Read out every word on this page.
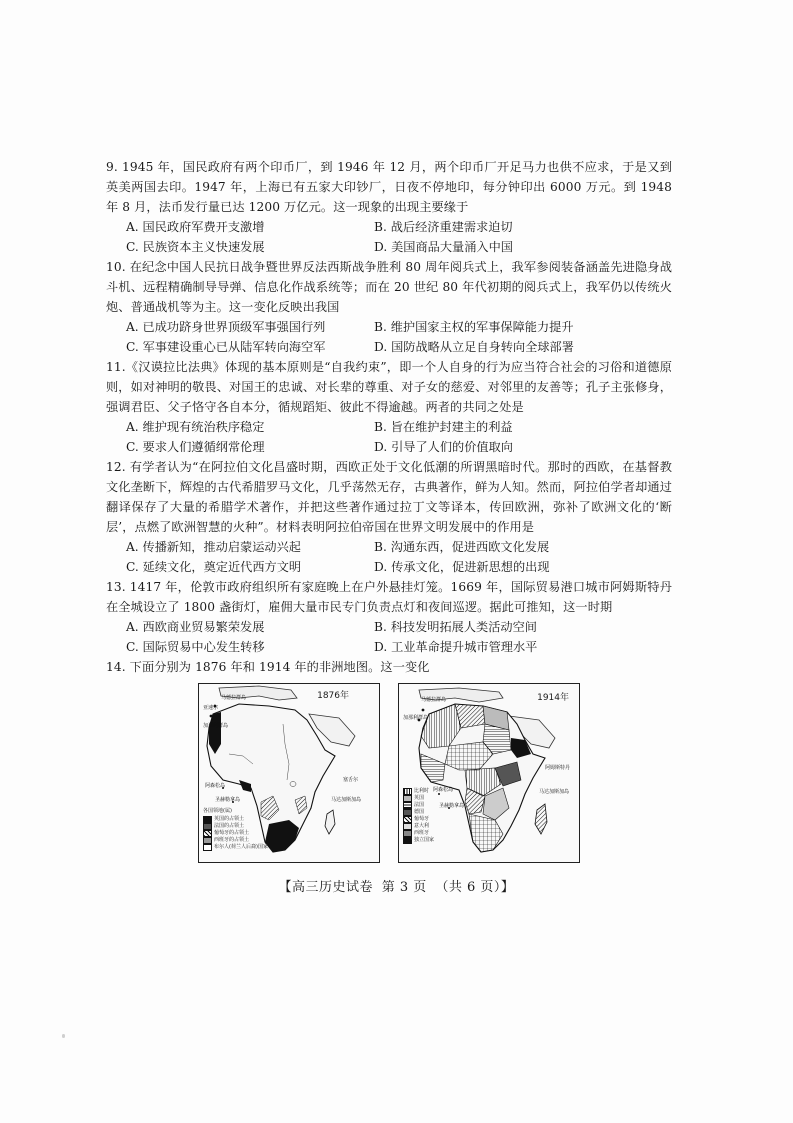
9. 1945 年，国民政府有两个印币厂，到 1946 年 12 月，两个印币厂开足马力也供不应求，于是又到英美两国去印。1947 年，上海已有五家大印钞厂，日夜不停地印，每分钟印出 6000 万元。到 1948 年 8 月，法币发行量已达 1200 万亿元。这一现象的出现主要缘于

A. 国民政府军费开支激增	B. 战后经济重建需求迫切
C. 民族资本主义快速发展	D. 美国商品大量涌入中国

10. 在纪念中国人民抗日战争暨世界反法西斯战争胜利 80 周年阅兵式上，我军参阅装备涵盖先进隐身战斗机、远程精确制导导弹、信息化作战系统等；而在 20 世纪 80 年代初期的阅兵式上，我军仍以传统火炮、普通战机等为主。这一变化反映出我国

A. 已成功跻身世界顶级军事强国行列	B. 维护国家主权的军事保障能力提升
C. 军事建设重心已从陆军转向海空军	D. 国防战略从立足自身转向全球部署

11.《汉谟拉比法典》体现的基本原则是“自我约束”，即一个人自身的行为应当符合社会的习俗和道德原则，如对神明的敬畏、对国王的忠诚、对长辈的尊重、对子女的慈爱、对邻里的友善等；孔子主张修身，强调君臣、父子恪守各自本分，循规蹈矩、彼此不得逾越。两者的共同之处是

A. 维护现有统治秩序稳定	B. 旨在维护封建主的利益
C. 要求人们遵循纲常伦理	D. 引导了人们的价值取向

12. 有学者认为“在阿拉伯文化昌盛时期，西欧正处于文化低潮的所谓黑暗时代。那时的西欧，在基督教文化垄断下，辉煌的古代希腊罗马文化，几乎荡然无存，古典著作，鲜为人知。然而，阿拉伯学者却通过翻译保存了大量的希腊学术著作，并把这些著作通过拉丁文等译本，传回欧洲，弥补了欧洲文化的‘断层’，点燃了欧洲智慧的火种”。材料表明阿拉伯帝国在世界文明发展中的作用是

A. 传播新知，推动启蒙运动兴起	B. 沟通东西，促进西欧文化发展
C. 延续文化，奠定近代西方文明	D. 传承文化，促进新思想的出现

13. 1417 年，伦敦市政府组织所有家庭晚上在户外悬挂灯笼。1669 年，国际贸易港口城市阿姆斯特丹在全城设立了 1800 盏街灯，雇佣大量市民专门负责点灯和夜间巡逻。据此可推知，这一时期

A. 西欧商业贸易繁荣发展	B. 科技发明拓展人类活动空间
C. 国际贸易中心发生转移	D. 工业革命提升城市管理水平

14. 下面分别为 1876 年和 1914 年的非洲地图。这一变化

1876年
马德拉群岛
加那利群岛
阿森松岛
圣赫勒拿岛	马达加斯加岛
亚速尔
塞舌尔
各国领地(属)
英国的占领土
法国的占领土
葡萄牙的占领土
西班牙的占领土
布尔人(荷兰人后裔)国家
1914年
马德拉群岛
加那利群岛
阿森松岛
圣赫勒拿岛
马达加斯加岛
阿姆斯特丹
比利时
英国
法国
德国
葡萄牙
意大利
西班牙
独立国家
【高三历史试卷 第 3 页 （共 6 页）】
